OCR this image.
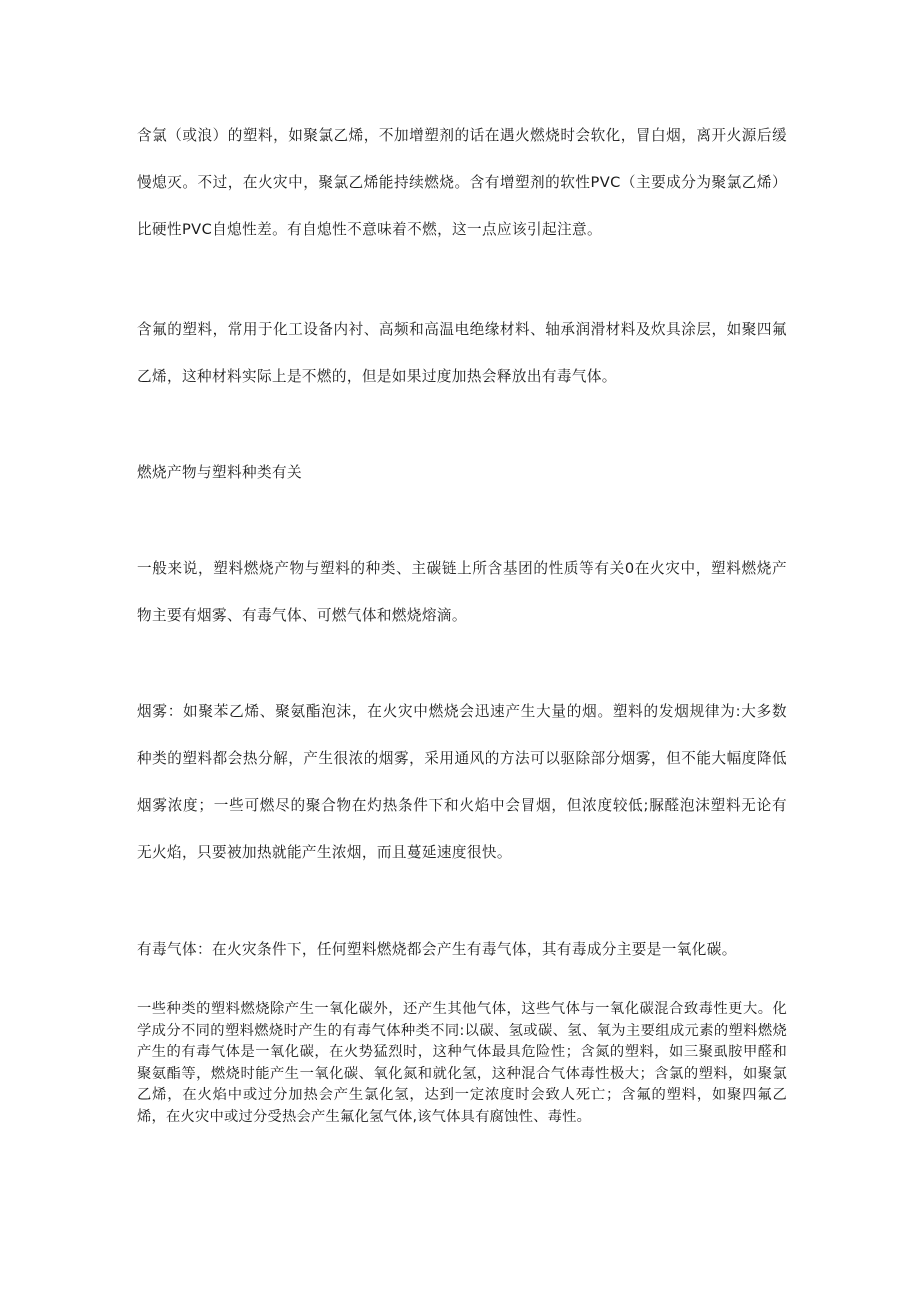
含氯（或浪）的塑料，如聚氯乙烯，不加增塑剂的话在遇火燃烧时会软化，冒白烟，离开火源后缓慢熄灭。不过，在火灾中，聚氯乙烯能持续燃烧。含有增塑剂的软性PVC（主要成分为聚氯乙烯）比硬性PVC自熄性差。有自熄性不意味着不燃，这一点应该引起注意。

含氟的塑料，常用于化工设备内衬、高频和高温电绝缘材料、轴承润滑材料及炊具涂层，如聚四氟乙烯，这种材料实际上是不燃的，但是如果过度加热会释放出有毒气体。

燃烧产物与塑料种类有关

一般来说，塑料燃烧产物与塑料的种类、主碳链上所含基团的性质等有关0在火灾中，塑料燃烧产物主要有烟雾、有毒气体、可燃气体和燃烧熔滴。

烟雾：如聚苯乙烯、聚氨酯泡沫，在火灾中燃烧会迅速产生大量的烟。塑料的发烟规律为:大多数种类的塑料都会热分解，产生很浓的烟雾，采用通风的方法可以驱除部分烟雾，但不能大幅度降低烟雾浓度；一些可燃尽的聚合物在灼热条件下和火焰中会冒烟，但浓度较低;脲醛泡沫塑料无论有无火焰，只要被加热就能产生浓烟，而且蔓延速度很快。

有毒气体：在火灾条件下，任何塑料燃烧都会产生有毒气体，其有毒成分主要是一氧化碳。

一些种类的塑料燃烧除产生一氧化碳外，还产生其他气体，这些气体与一氧化碳混合致毒性更大。化学成分不同的塑料燃烧时产生的有毒气体种类不同:以碳、氢或碳、氢、氧为主要组成元素的塑料燃烧产生的有毒气体是一氧化碳，在火势猛烈时，这种气体最具危险性；含氮的塑料，如三聚虱胺甲醛和聚氨酯等，燃烧时能产生一氧化碳、氧化氮和就化氢，这种混合气体毒性极大；含氯的塑料，如聚氯乙烯，在火焰中或过分加热会产生氯化氢，达到一定浓度时会致人死亡；含氟的塑料，如聚四氟乙烯，在火灾中或过分受热会产生氟化氢气体,该气体具有腐蚀性、毒性。
